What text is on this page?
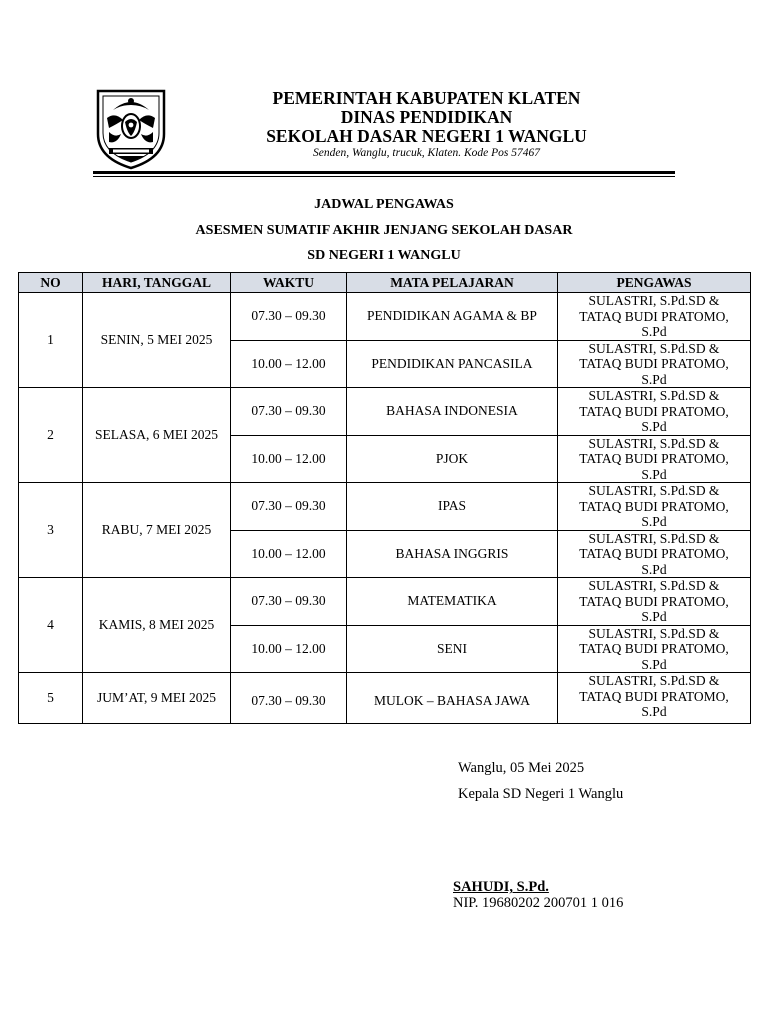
PEMERINTAH KABUPATEN KLATEN
DINAS PENDIDIKAN
SEKOLAH DASAR NEGERI 1 WANGLU
Senden, Wanglu, trucuk, Klaten. Kode Pos 57467
JADWAL PENGAWAS
ASESMEN SUMATIF AKHIR JENJANG SEKOLAH DASAR
SD NEGERI 1 WANGLU
NO	HARI, TANGGAL	WAKTU	MATA PELAJARAN	PENGAWAS
1	SENIN, 5 MEI 2025	07.30 – 09.30	PENDIDIKAN AGAMA & BP	SULASTRI, S.Pd.SD &
TATAQ BUDI PRATOMO,
S.Pd
		10.00 – 12.00	PENDIDIKAN PANCASILA	SULASTRI, S.Pd.SD &
TATAQ BUDI PRATOMO,
S.Pd
2	SELASA, 6 MEI 2025	07.30 – 09.30	BAHASA INDONESIA	SULASTRI, S.Pd.SD &
TATAQ BUDI PRATOMO,
S.Pd
		10.00 – 12.00	PJOK	SULASTRI, S.Pd.SD &
TATAQ BUDI PRATOMO,
S.Pd
3	RABU, 7 MEI 2025	07.30 – 09.30	IPAS	SULASTRI, S.Pd.SD &
TATAQ BUDI PRATOMO,
S.Pd
		10.00 – 12.00	BAHASA INGGRIS	SULASTRI, S.Pd.SD &
TATAQ BUDI PRATOMO,
S.Pd
4	KAMIS, 8 MEI 2025	07.30 – 09.30	MATEMATIKA	SULASTRI, S.Pd.SD &
TATAQ BUDI PRATOMO,
S.Pd
		10.00 – 12.00	SENI	SULASTRI, S.Pd.SD &
TATAQ BUDI PRATOMO,
S.Pd
5	JUM’AT, 9 MEI 2025	07.30 – 09.30	MULOK – BAHASA JAWA	SULASTRI, S.Pd.SD &
TATAQ BUDI PRATOMO,
S.Pd
Wanglu, 05 Mei 2025
Kepala SD Negeri 1 Wanglu
SAHUDI, S.Pd.
NIP. 19680202 200701 1 016
